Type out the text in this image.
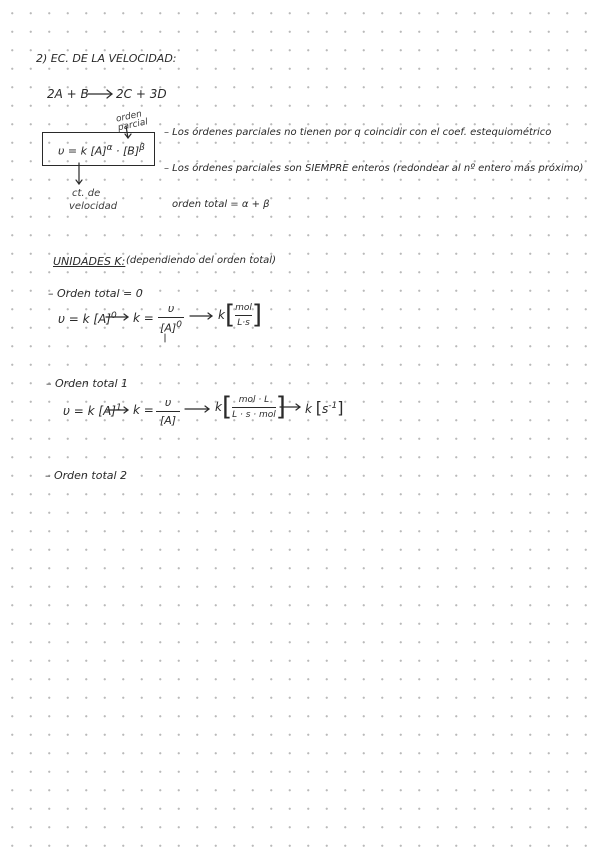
2) EC. DE LA VELOCIDAD:
2A + B 2C + 3D
υ = k $[A]^\alpha \cdot [B]^\beta$
orden parcial
ct. de
velocidad
– Los órdenes parciales no tienen por q coincidir con el coef. estequiométrico
– Los órdenes parciales son SIEMPRE enteros (redondear al nº entero más próximo)
orden total = α + β
UNIDADES K: (dependiendo del orden total)
– Orden total = 0
υ = k $[A]^0$ k =
υ
$[A]^0$
k [ $\frac{\text{mol}}{L\cdot s}$ ]
– Orden total 1
υ = k $[A]^1$ k =
υ
[A]
k [ $\frac{\text{mol · L}}{\text{L · s · mol}}$ ] k $[s^{-1}]$
– Orden total 2
